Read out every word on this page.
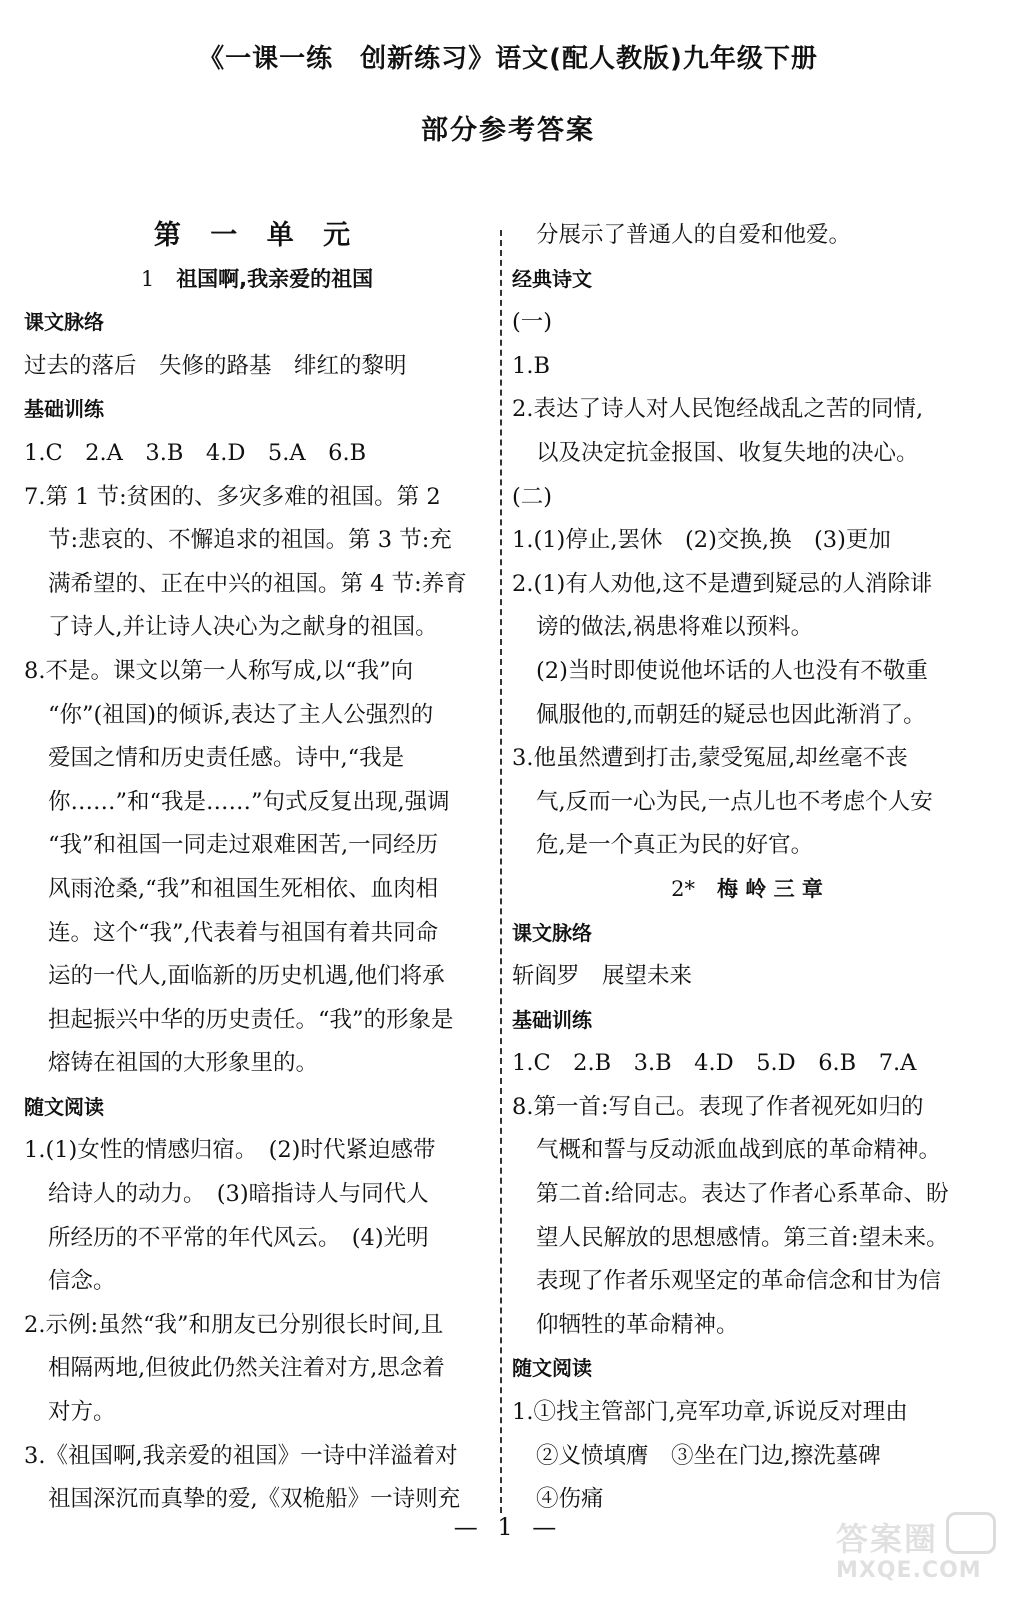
《一课一练　创新练习》语文(配人教版)九年级下册
部分参考答案
第 一 单 元
1 祖国啊,我亲爱的祖国
课文脉络
过去的落后　失修的路基　绯红的黎明
基础训练
1.C　2.A　3.B　4.D　5.A　6.B
7.第 1 节:贫困的、多灾多难的祖国。第 2
节:悲哀的、不懈追求的祖国。第 3 节:充
满希望的、正在中兴的祖国。第 4 节:养育
了诗人,并让诗人决心为之献身的祖国。
8.不是。课文以第一人称写成,以“我”向
“你”(祖国)的倾诉,表达了主人公强烈的
爱国之情和历史责任感。诗中,“我是
你……”和“我是……”句式反复出现,强调
“我”和祖国一同走过艰难困苦,一同经历
风雨沧桑,“我”和祖国生死相依、血肉相
连。这个“我”,代表着与祖国有着共同命
运的一代人,面临新的历史机遇,他们将承
担起振兴中华的历史责任。“我”的形象是
熔铸在祖国的大形象里的。
随文阅读
1.(1)女性的情感归宿。　(2)时代紧迫感带
给诗人的动力。　(3)暗指诗人与同代人
所经历的不平常的年代风云。　(4)光明
信念。
2.示例:虽然“我”和朋友已分别很长时间,且
相隔两地,但彼此仍然关注着对方,思念着
对方。
3.《祖国啊,我亲爱的祖国》一诗中洋溢着对
祖国深沉而真挚的爱,《双桅船》一诗则充
分展示了普通人的自爱和他爱。
经典诗文
(一)
1.B
2.表达了诗人对人民饱经战乱之苦的同情,
以及决定抗金报国、收复失地的决心。
(二)
1.(1)停止,罢休　(2)交换,换　(3)更加
2.(1)有人劝他,这不是遭到疑忌的人消除诽
谤的做法,祸患将难以预料。
(2)当时即使说他坏话的人也没有不敬重
佩服他的,而朝廷的疑忌也因此渐消了。
3.他虽然遭到打击,蒙受冤屈,却丝毫不丧
气,反而一心为民,一点儿也不考虑个人安
危,是一个真正为民的好官。
2* 梅 岭 三 章
课文脉络
斩阎罗　展望未来
基础训练
1.C　2.B　3.B　4.D　5.D　6.B　7.A
8.第一首:写自己。表现了作者视死如归的
气概和誓与反动派血战到底的革命精神。
第二首:给同志。表达了作者心系革命、盼
望人民解放的思想感情。第三首:望未来。
表现了作者乐观坚定的革命信念和甘为信
仰牺牲的革命精神。
随文阅读
1.①找主管部门,亮军功章,诉说反对理由
②义愤填膺　③坐在门边,擦洗墓碑
④伤痛
— 1 —	答案圈
MXQE.COM
